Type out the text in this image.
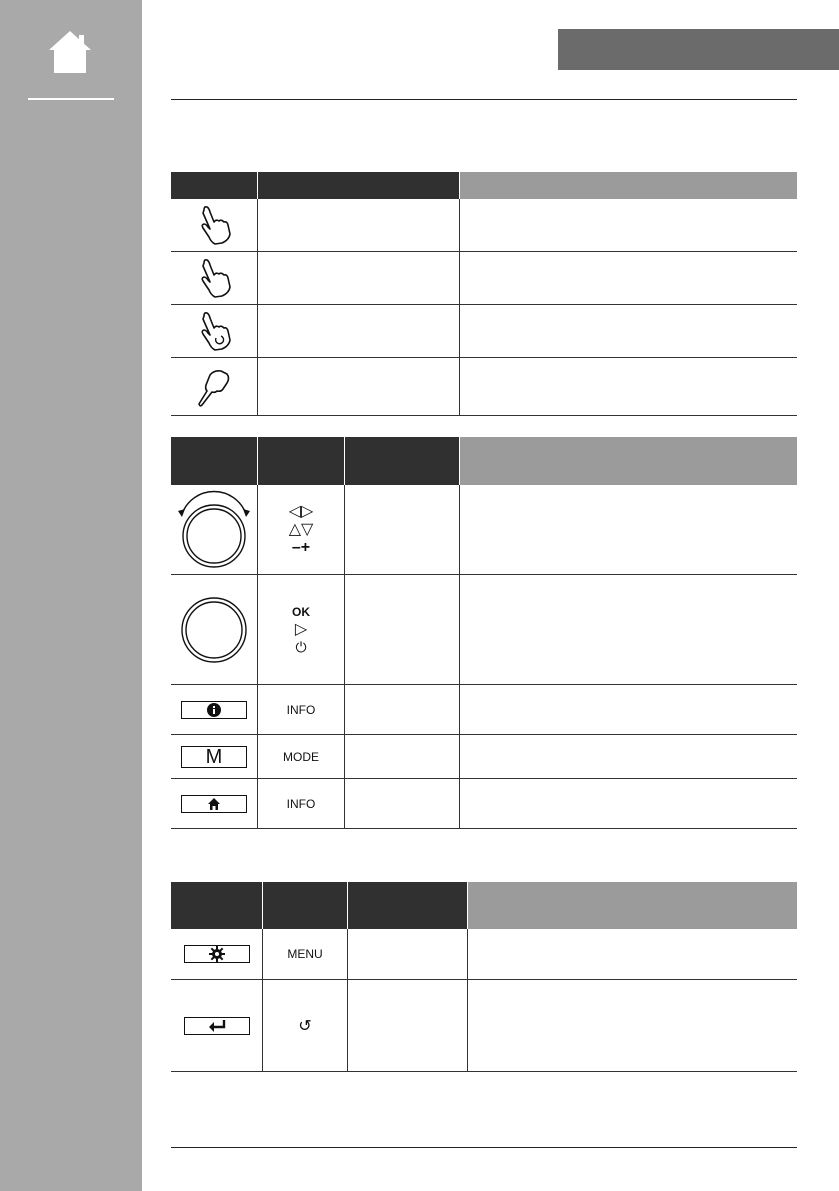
◁▷
△▽
–+
OK
▷
⏻
INFO
M	MODE
INFO
MENU
↺
